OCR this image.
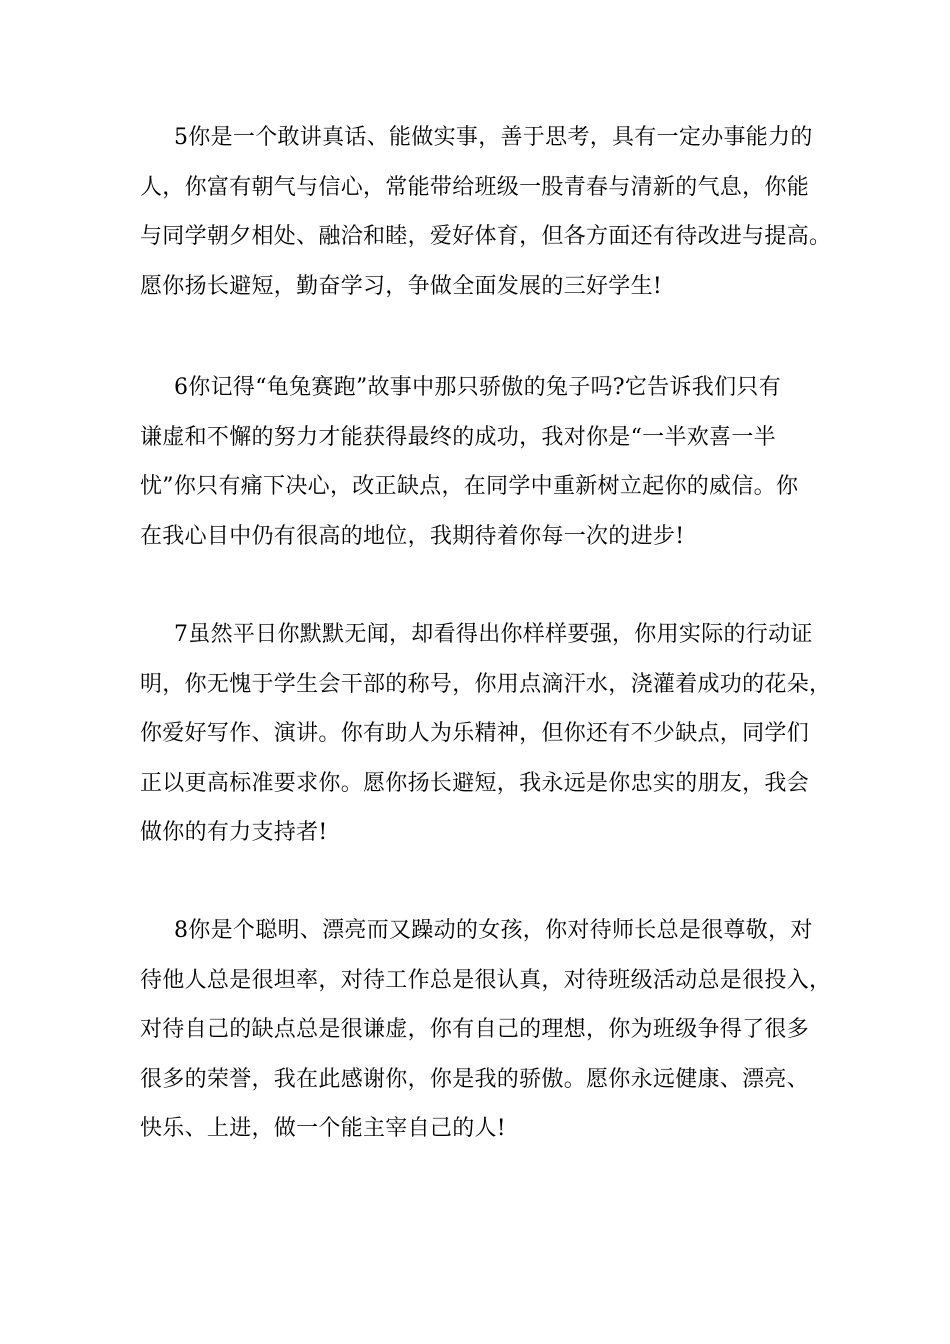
5你是一个敢讲真话、能做实事，善于思考，具有一定办事能力的
人，你富有朝气与信心，常能带给班级一股青春与清新的气息，你能
与同学朝夕相处、融洽和睦，爱好体育，但各方面还有待改进与提高。
愿你扬长避短，勤奋学习，争做全面发展的三好学生!
6你记得“龟兔赛跑”故事中那只骄傲的兔子吗?它告诉我们只有
谦虚和不懈的努力才能获得最终的成功，我对你是“一半欢喜一半
忧”你只有痛下决心，改正缺点，在同学中重新树立起你的威信。你
在我心目中仍有很高的地位，我期待着你每一次的进步!
7虽然平日你默默无闻，却看得出你样样要强，你用实际的行动证
明，你无愧于学生会干部的称号，你用点滴汗水，浇灌着成功的花朵，
你爱好写作、演讲。你有助人为乐精神，但你还有不少缺点，同学们
正以更高标准要求你。愿你扬长避短，我永远是你忠实的朋友，我会
做你的有力支持者!
8你是个聪明、漂亮而又躁动的女孩，你对待师长总是很尊敬，对
待他人总是很坦率，对待工作总是很认真，对待班级活动总是很投入，
对待自己的缺点总是很谦虚，你有自己的理想，你为班级争得了很多
很多的荣誉，我在此感谢你，你是我的骄傲。愿你永远健康、漂亮、
快乐、上进，做一个能主宰自己的人!
